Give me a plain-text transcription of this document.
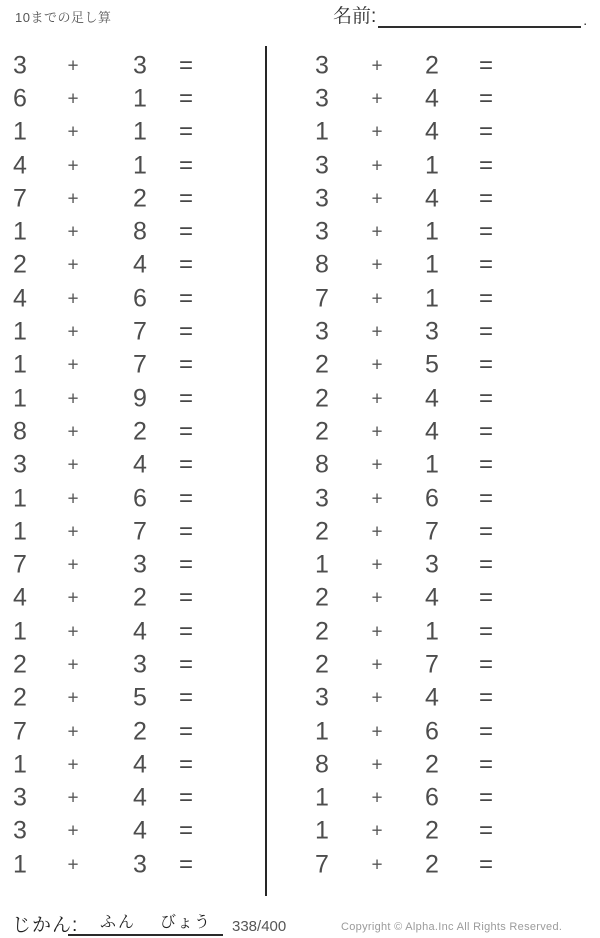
10までの足し算	名前:	.
3	+	3	=
6	+	1	=
1	+	1	=
4	+	1	=
7	+	2	=
1	+	8	=
2	+	4	=
4	+	6	=
1	+	7	=
1	+	7	=
1	+	9	=
8	+	2	=
3	+	4	=
1	+	6	=
1	+	7	=
7	+	3	=
4	+	2	=
1	+	4	=
2	+	3	=
2	+	5	=
7	+	2	=
1	+	4	=
3	+	4	=
3	+	4	=
1	+	3	=
3	+	2	=
3	+	4	=
1	+	4	=
3	+	1	=
3	+	4	=
3	+	1	=
8	+	1	=
7	+	1	=
3	+	3	=
2	+	5	=
2	+	4	=
2	+	4	=
8	+	1	=
3	+	6	=
2	+	7	=
1	+	3	=
2	+	4	=
2	+	1	=
2	+	7	=
3	+	4	=
1	+	6	=
8	+	2	=
1	+	6	=
1	+	2	=
7	+	2	=
じかん: ふん びょう 338/400	Copyright © Alpha.Inc All Rights Reserved.
